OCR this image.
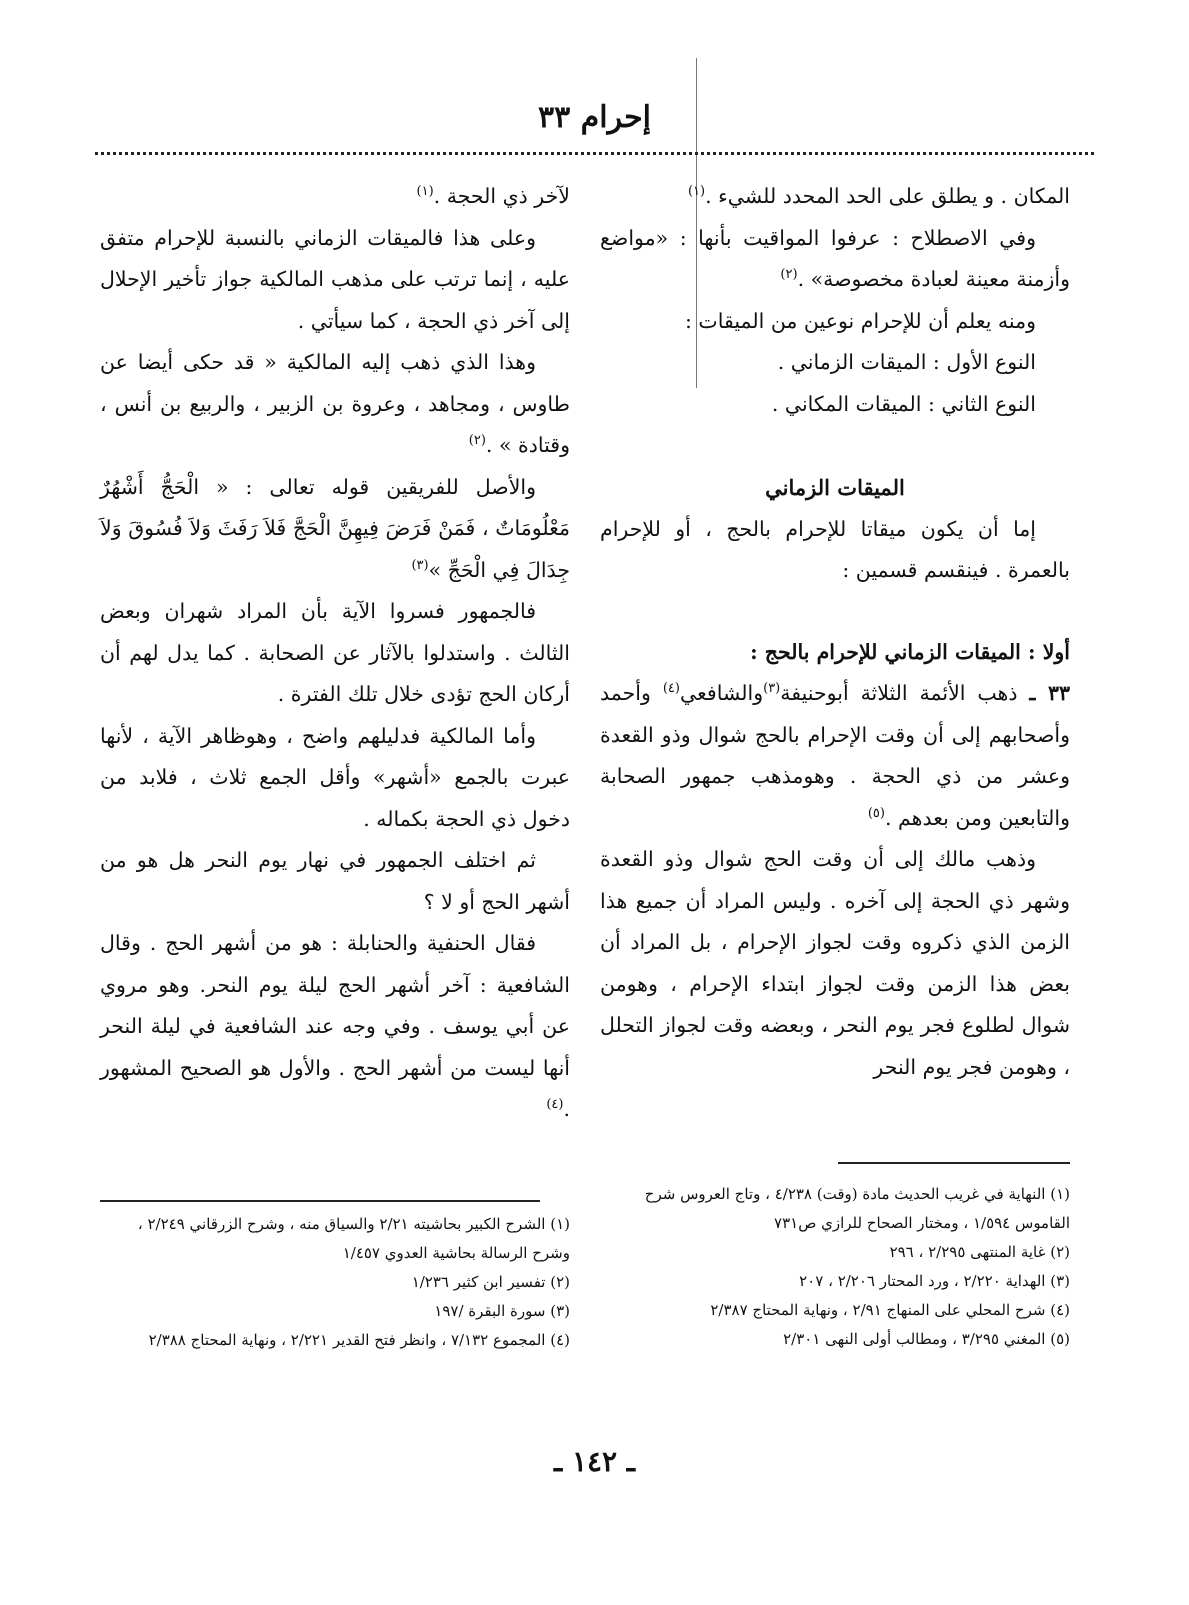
إحرام ٣٣

المكان . و يطلق على الحد المحدد للشيء .$^{(١)}$

وفي الاصطلاح : عرفوا المواقيت بأنها : «مواضع وأزمنة معينة لعبادة مخصوصة» .$^{(٢)}$

ومنه يعلم أن للإحرام نوعين من الميقات :

النوع الأول : الميقات الزماني .

النوع الثاني : الميقات المكاني .

الميقات الزماني

إما أن يكون ميقاتا للإحرام بالحج ، أو للإحرام بالعمرة . فينقسم قسمين :

أولا : الميقات الزماني للإحرام بالحج :

٣٣ ـ ذهب الأئمة الثلاثة أبوحنيفة$^{(٣)}$والشافعي$^{(٤)}$ وأحمد وأصحابهم إلى أن وقت الإحرام بالحج شوال وذو القعدة وعشر من ذي الحجة . وهومذهب جمهور الصحابة والتابعين ومن بعدهم .$^{(٥)}$

وذهب مالك إلى أن وقت الحج شوال وذو القعدة وشهر ذي الحجة إلى آخره . وليس المراد أن جميع هذا الزمن الذي ذكروه وقت لجواز الإحرام ، بل المراد أن بعض هذا الزمن وقت لجواز ابتداء الإحرام ، وهومن شوال لطلوع فجر يوم النحر ، وبعضه وقت لجواز التحلل ، وهومن فجر يوم النحر

لآخر ذي الحجة .$^{(١)}$

وعلى هذا فالميقات الزماني بالنسبة للإحرام متفق عليه ، إنما ترتب على مذهب المالكية جواز تأخير الإحلال إلى آخر ذي الحجة ، كما سيأتي .

وهذا الذي ذهب إليه المالكية « قد حكى أيضا عن طاوس ، ومجاهد ، وعروة بن الزبير ، والربيع بن أنس ، وقتادة » .$^{(٢)}$

والأصل للفريقين قوله تعالى : « الْحَجُّ أَشْهُرٌ مَعْلُومَاتٌ ، فَمَنْ فَرَضَ فِيهِنَّ الْحَجَّ فَلاَ رَفَثَ وَلاَ فُسُوقَ وَلاَ جِدَالَ فِي الْحَجِّ »$^{(٣)}$

فالجمهور فسروا الآية بأن المراد شهران وبعض الثالث . واستدلوا بالآثار عن الصحابة . كما يدل لهم أن أركان الحج تؤدى خلال تلك الفترة .

وأما المالكية فدليلهم واضح ، وهوظاهر الآية ، لأنها عبرت بالجمع «أشهر» وأقل الجمع ثلاث ، فلابد من دخول ذي الحجة بكماله .

ثم اختلف الجمهور في نهار يوم النحر هل هو من أشهر الحج أو لا ؟

فقال الحنفية والحنابلة : هو من أشهر الحج . وقال الشافعية : آخر أشهر الحج ليلة يوم النحر. وهو مروي عن أبي يوسف . وفي وجه عند الشافعية في ليلة النحر أنها ليست من أشهر الحج . والأول هو الصحيح المشهور .$^{(٤)}$

(١) النهاية في غريب الحديث مادة (وقت) ٤/٢٣٨ ، وتاج العروس شرح القاموس ١/٥٩٤ ، ومختار الصحاح للرازي ص٧٣١

(٢) غاية المنتهى ٢/٢٩٥ ، ٢٩٦

(٣) الهداية ٢/٢٢٠ ، ورد المحتار ٢/٢٠٦ ، ٢٠٧

(٤) شرح المحلي على المنهاج ٢/٩١ ، ونهاية المحتاج ٢/٣٨٧

(٥) المغني ٣/٢٩٥ ، ومطالب أولى النهى ٢/٣٠١

(١) الشرح الكبير بحاشيته ٢/٢١ والسياق منه ، وشرح الزرقاني ٢/٢٤٩ ، وشرح الرسالة بحاشية العدوي ١/٤٥٧

(٢) تفسير ابن كثير ١/٢٣٦

(٣) سورة البقرة /١٩٧

(٤) المجموع ٧/١٣٢ ، وانظر فتح القدير ٢/٢٢١ ، ونهاية المحتاج ٢/٣٨٨

ـ ١٤٢ ـ
